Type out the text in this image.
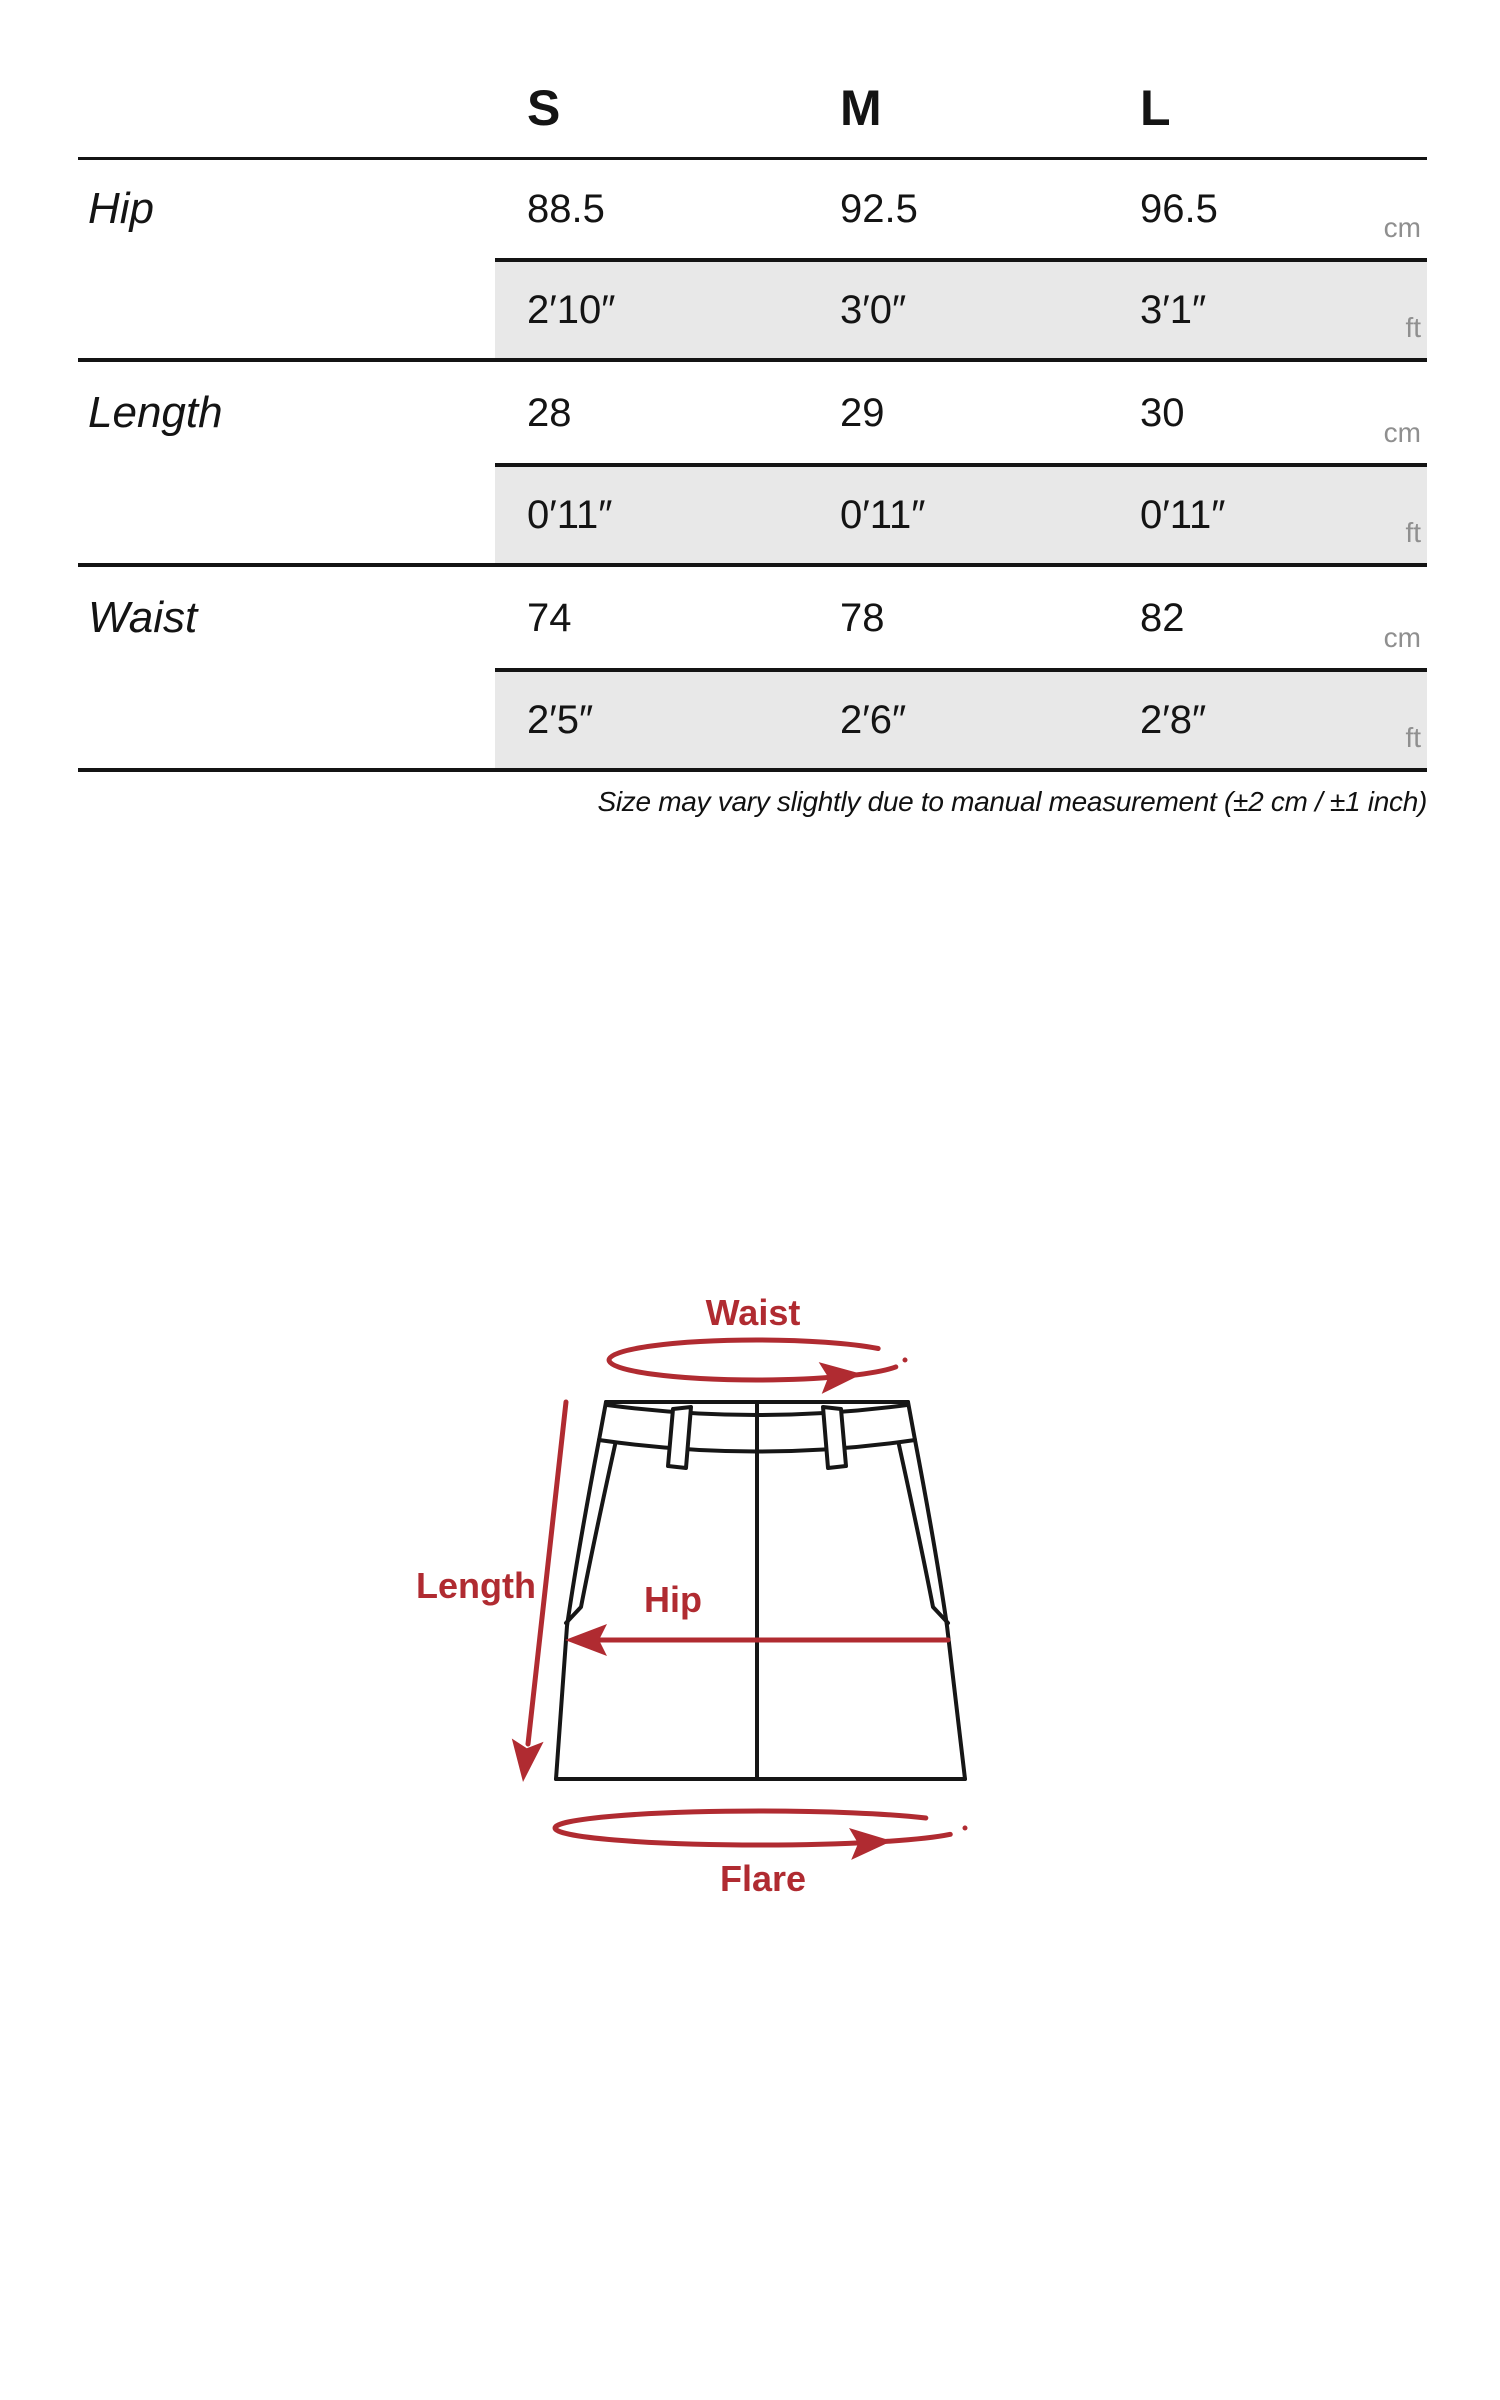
S	M	L
Hip	88.5	92.5	96.5	cm
2′10″	3′0″	3′1″	ft
Length	28	29	30	cm
0′11″	0′11″	0′11″	ft
Waist	74	78	82	cm
2′5″	2′6″	2′8″	ft
Size may vary slightly due to manual measurement (±2 cm / ±1 inch)
Waist
Length	Hip
Flare
